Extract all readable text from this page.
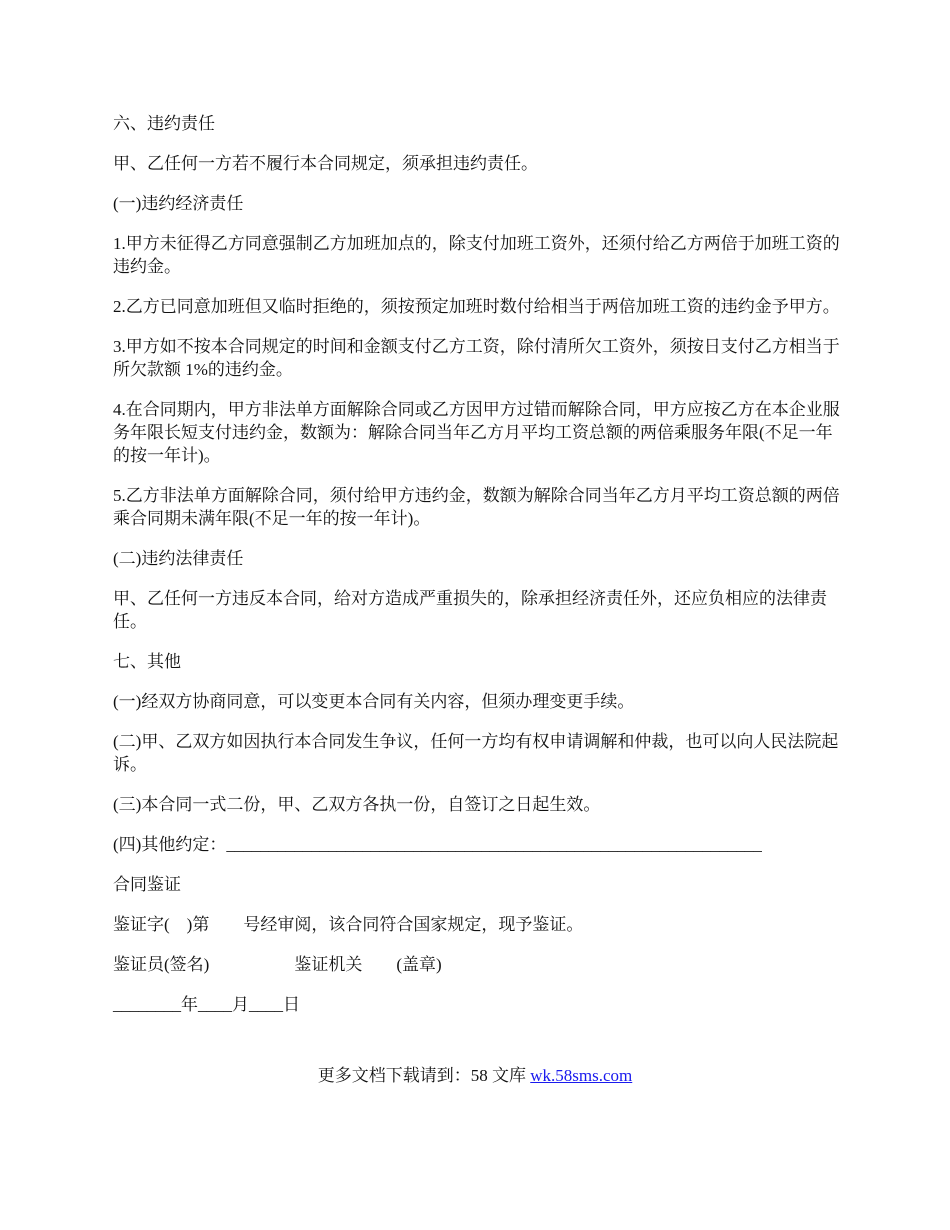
六、违约责任

甲、乙任何一方若不履行本合同规定，须承担违约责任。

(一)违约经济责任

1.甲方未征得乙方同意强制乙方加班加点的，除支付加班工资外，还须付给乙方两倍于加班工资的违约金。

2.乙方已同意加班但又临时拒绝的，须按预定加班时数付给相当于两倍加班工资的违约金予甲方。

3.甲方如不按本合同规定的时间和金额支付乙方工资，除付清所欠工资外，须按日支付乙方相当于所欠款额 1%的违约金。

4.在合同期内，甲方非法单方面解除合同或乙方因甲方过错而解除合同，甲方应按乙方在本企业服务年限长短支付违约金，数额为：解除合同当年乙方月平均工资总额的两倍乘服务年限(不足一年的按一年计)。

5.乙方非法单方面解除合同，须付给甲方违约金，数额为解除合同当年乙方月平均工资总额的两倍乘合同期未满年限(不足一年的按一年计)。

(二)违约法律责任

甲、乙任何一方违反本合同，给对方造成严重损失的，除承担经济责任外，还应负相应的法律责任。

七、其他

(一)经双方协商同意，可以变更本合同有关内容，但须办理变更手续。

(二)甲、乙双方如因执行本合同发生争议，任何一方均有权申请调解和仲裁，也可以向人民法院起诉。

(三)本合同一式二份，甲、乙双方各执一份，自签订之日起生效。

(四)其他约定：_______________________________________________________________

合同鉴证

鉴证字(    )第        号经审阅，该合同符合国家规定，现予鉴证。

鉴证员(签名)                    鉴证机关        (盖章)

________年____月____日

更多文档下载请到：58 文库 wk.58sms.com
